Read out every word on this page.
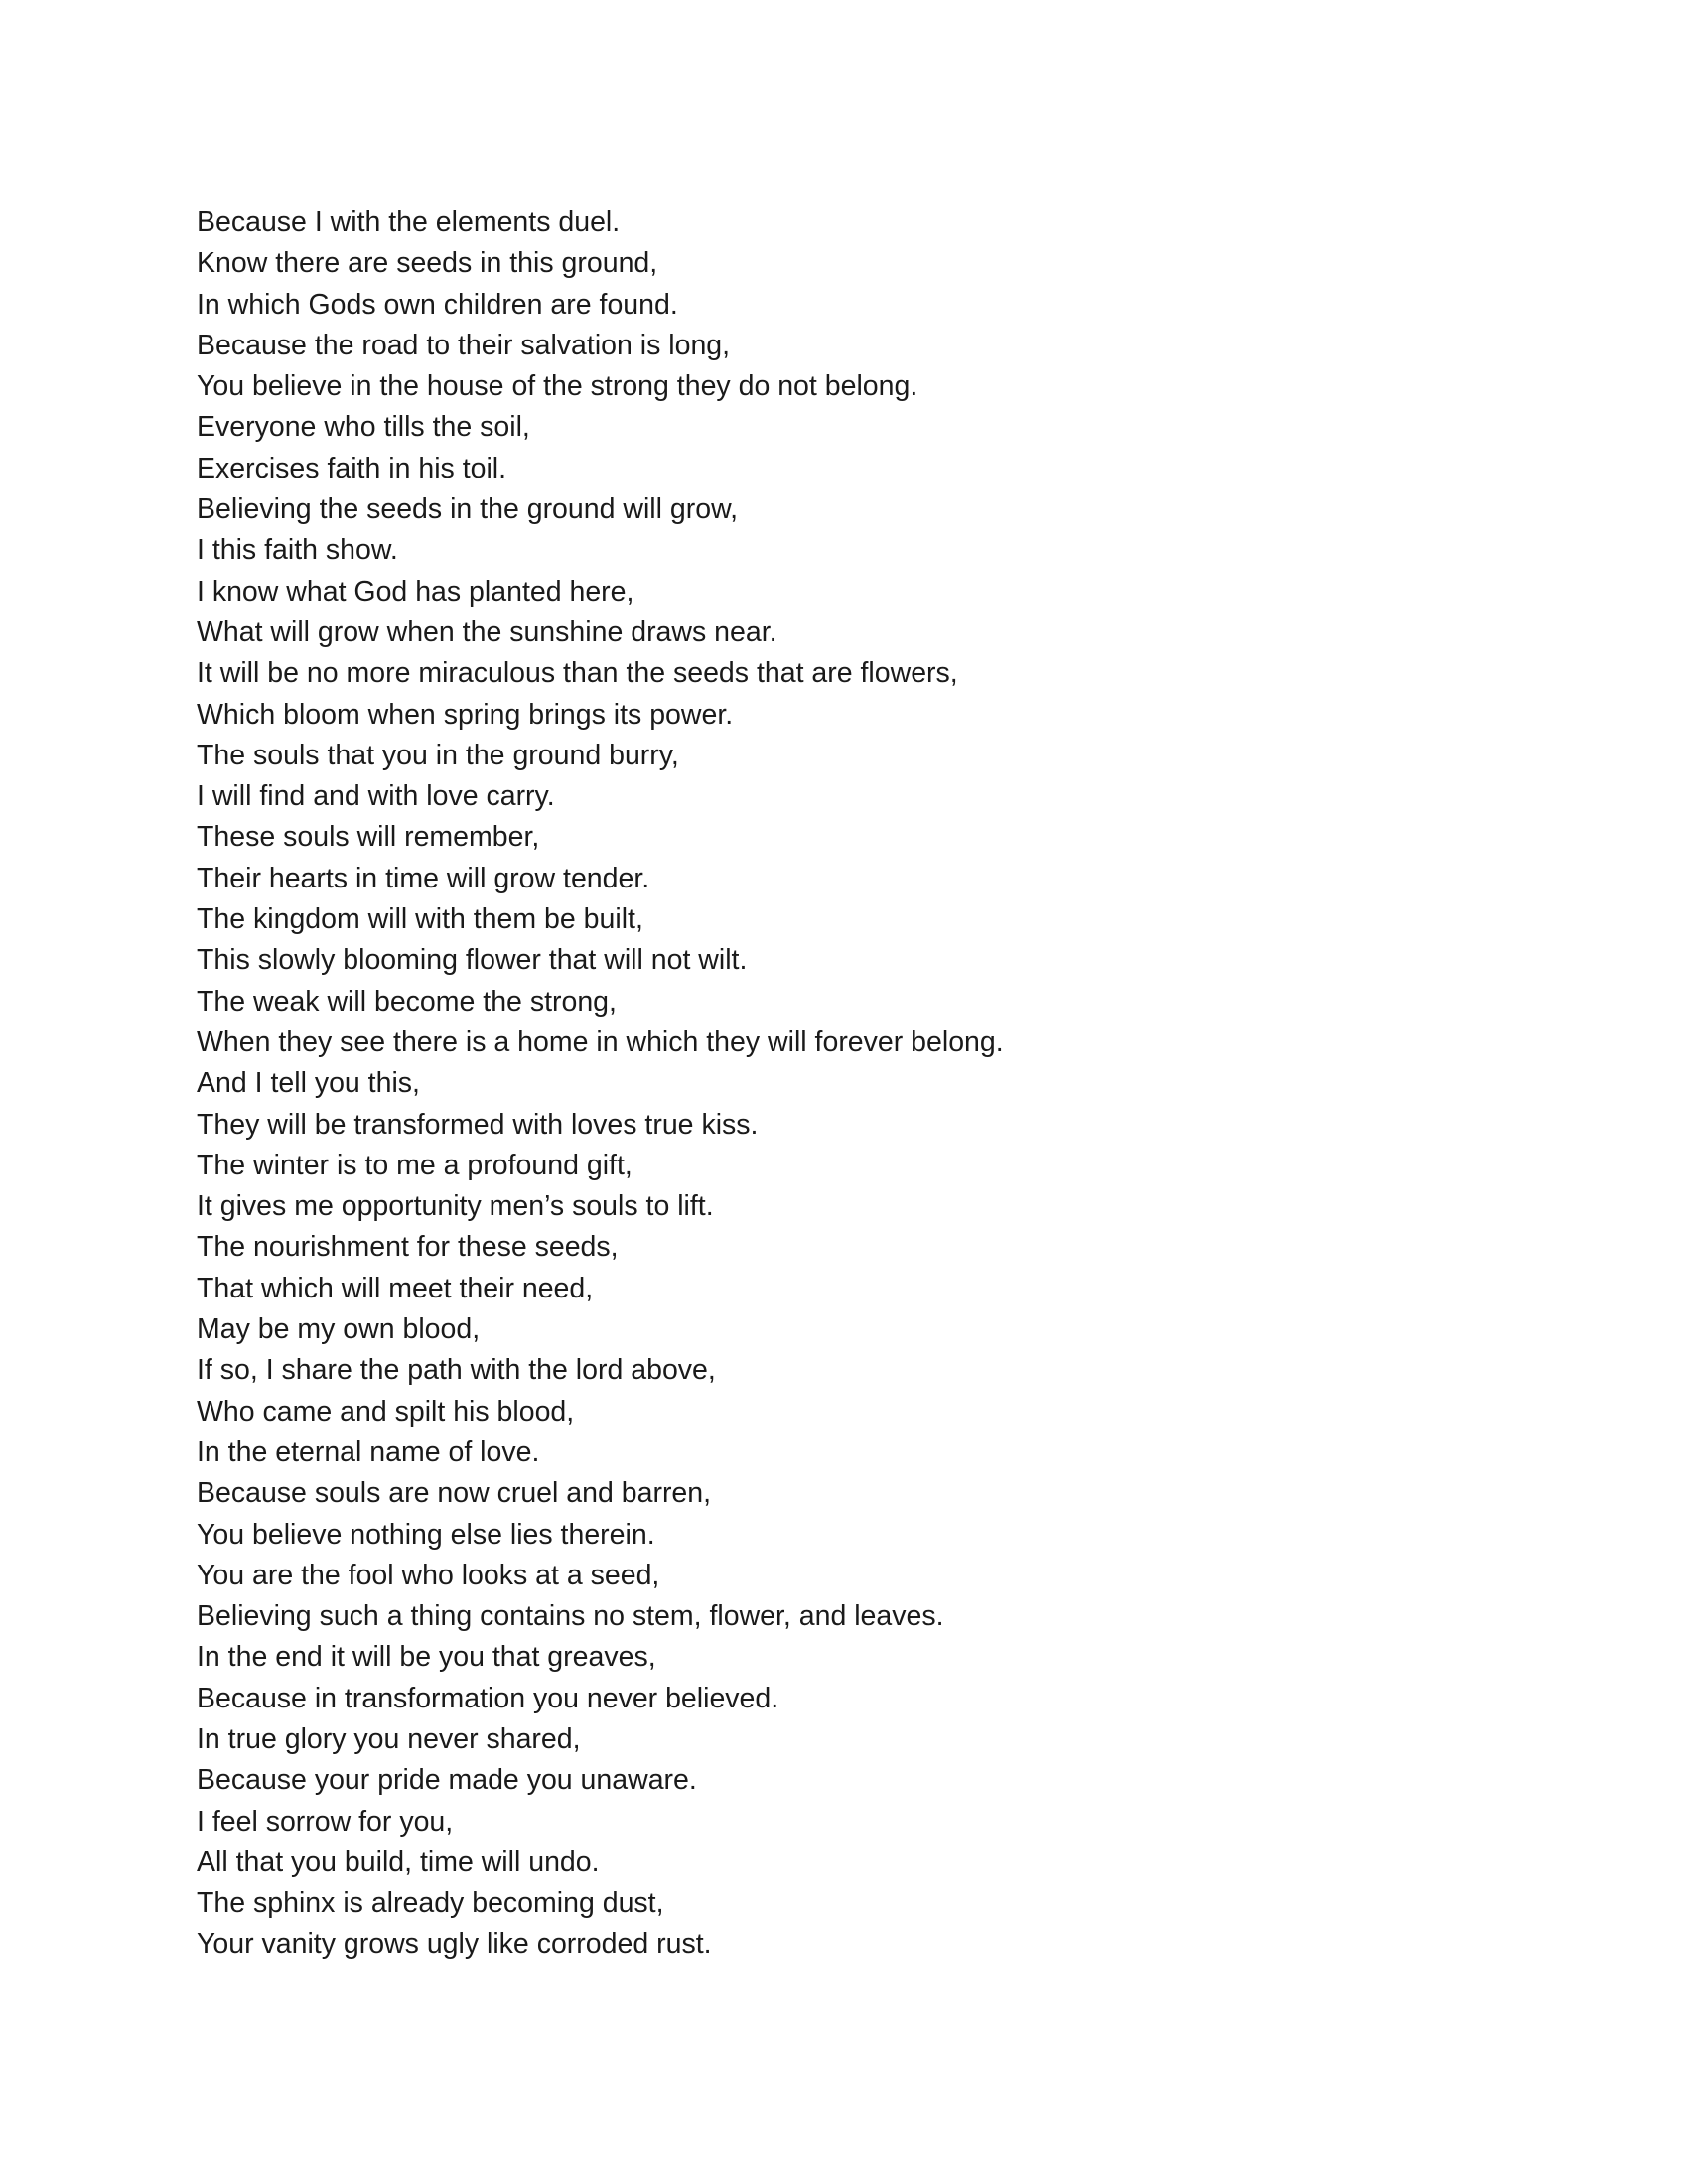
Because I with the elements duel.
Know there are seeds in this ground,
In which Gods own children are found.
Because the road to their salvation is long,
You believe in the house of the strong they do not belong.
Everyone who tills the soil,
Exercises faith in his toil.
Believing the seeds in the ground will grow,
I this faith show.
I know what God has planted here,
What will grow when the sunshine draws near.
It will be no more miraculous than the seeds that are flowers,
Which bloom when spring brings its power.
The souls that you in the ground burry,
I will find and with love carry.
These souls will remember,
Their hearts in time will grow tender.
The kingdom will with them be built,
This slowly blooming flower that will not wilt.
The weak will become the strong,
When they see there is a home in which they will forever belong.
And I tell you this,
They will be transformed with loves true kiss.
The winter is to me a profound gift,
It gives me opportunity men’s souls to lift.
The nourishment for these seeds,
That which will meet their need,
May be my own blood,
If so, I share the path with the lord above,
Who came and spilt his blood,
In the eternal name of love.
Because souls are now cruel and barren,
You believe nothing else lies therein.
You are the fool who looks at a seed,
Believing such a thing contains no stem, flower, and leaves.
In the end it will be you that greaves,
Because in transformation you never believed.
In true glory you never shared,
Because your pride made you unaware.
I feel sorrow for you,
All that you build, time will undo.
The sphinx is already becoming dust,
Your vanity grows ugly like corroded rust.
